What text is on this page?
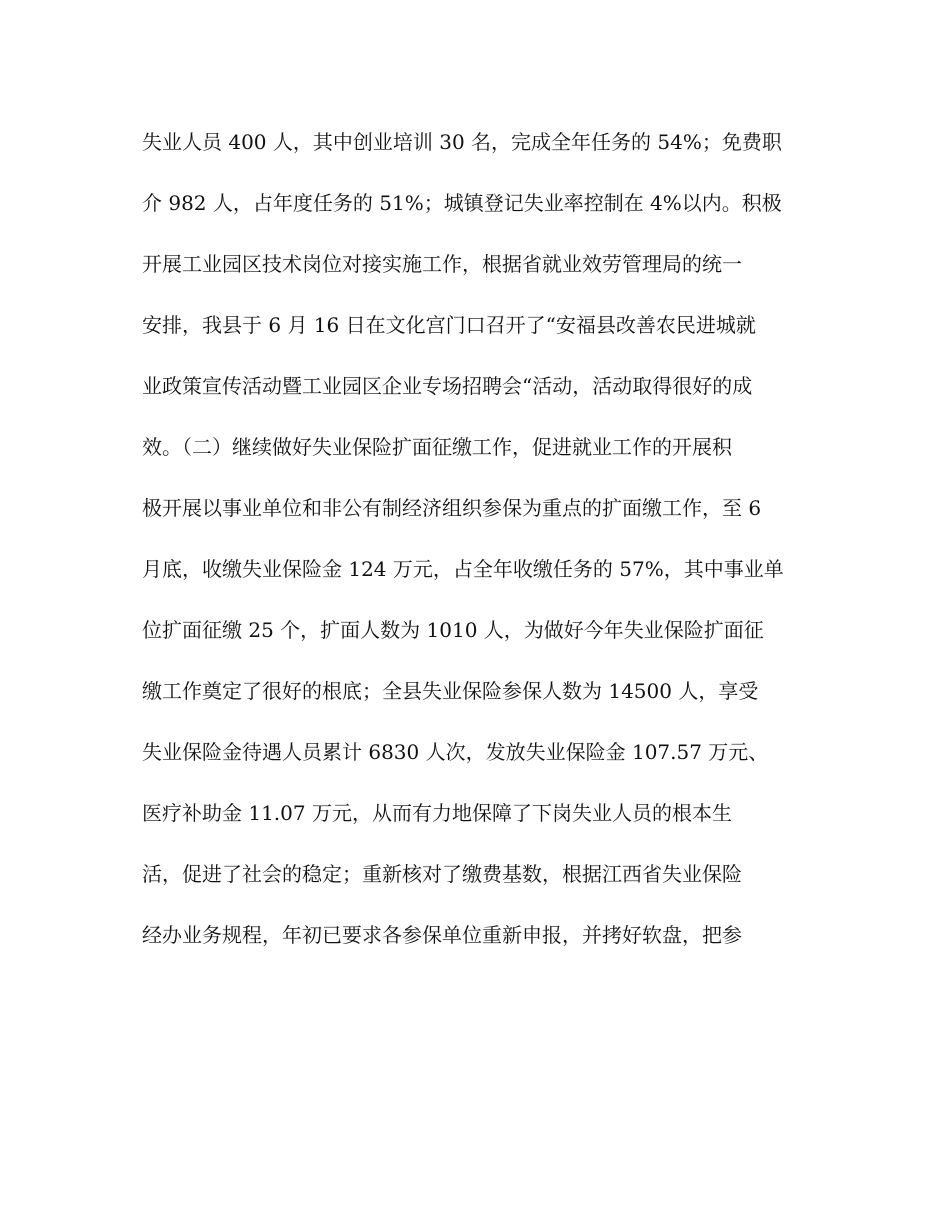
失业人员 400 人，其中创业培训 30 名，完成全年任务的 54%；免费职
介 982 人，占年度任务的 51%；城镇登记失业率控制在 4%以内。积极
开展工业园区技术岗位对接实施工作，根据省就业效劳管理局的统一
安排，我县于 6 月 16 日在文化宫门口召开了“安福县改善农民进城就
业政策宣传活动暨工业园区企业专场招聘会“活动，活动取得很好的成
效。（二）继续做好失业保险扩面征缴工作，促进就业工作的开展积
极开展以事业单位和非公有制经济组织参保为重点的扩面缴工作，至 6
月底，收缴失业保险金 124 万元，占全年收缴任务的 57%，其中事业单
位扩面征缴 25 个，扩面人数为 1010 人，为做好今年失业保险扩面征
缴工作奠定了很好的根底；全县失业保险参保人数为 14500 人，享受
失业保险金待遇人员累计 6830 人次，发放失业保险金 107.57 万元、
医疗补助金 11.07 万元，从而有力地保障了下岗失业人员的根本生
活，促进了社会的稳定；重新核对了缴费基数，根据江西省失业保险
经办业务规程，年初已要求各参保单位重新申报，并拷好软盘，把参
